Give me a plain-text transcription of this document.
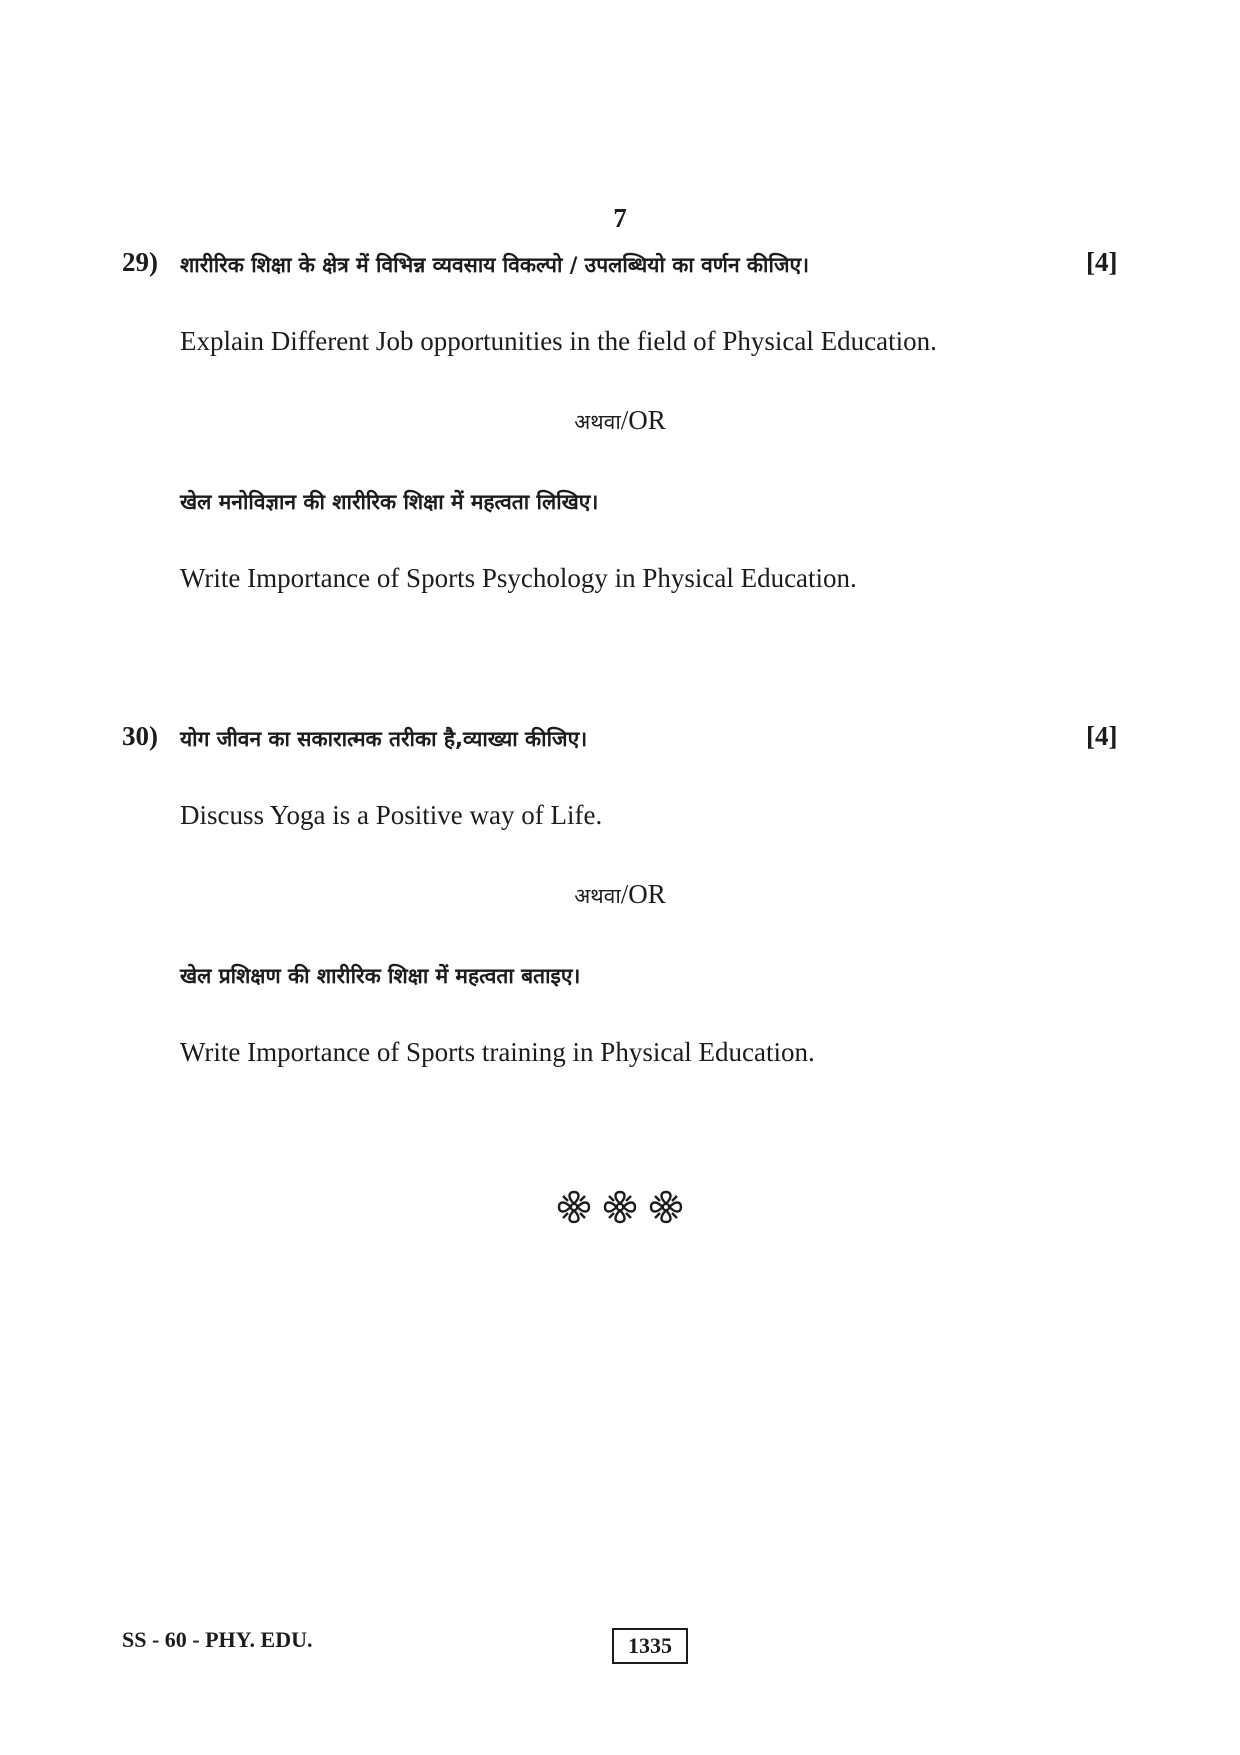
7
29) शारीरिक शिक्षा के क्षेत्र में विभिन्न व्यवसाय विकल्पो / उपलब्धियो का वर्णन कीजिए।	[4]
Explain Different Job opportunities in the field of Physical Education.
अथवा/OR
खेल मनोविज्ञान की शारीरिक शिक्षा में महत्वता लिखिए।
Write Importance of Sports Psychology in Physical Education.
30) योग जीवन का सकारात्मक तरीका है,व्याख्या कीजिए।	[4]
Discuss Yoga is a Positive way of Life.
अथवा/OR
खेल प्रशिक्षण की शारीरिक शिक्षा में महत्वता बताइए।
Write Importance of Sports training in Physical Education.

SS - 60 - PHY. EDU.	1335
